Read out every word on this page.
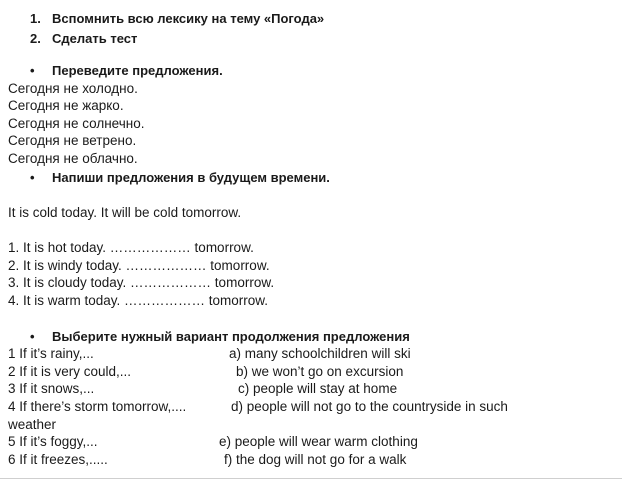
1. Вспомнить всю лексику на тему «Погода»
2. Сделать тест
• Переведите предложения.
Сегодня не холодно.
Сегодня не жарко.
Сегодня не солнечно.
Сегодня не ветрено.
Сегодня не облачно.
• Напиши предложения в будущем времени.
It is cold today. It will be cold tomorrow.
1. It is hot today. ……………… tomorrow.
2. It is windy today. ……………… tomorrow.
3. It is cloudy today. ……………… tomorrow.
4. It is warm today. ……………… tomorrow.
• Выберите нужный вариант продолжения предложения
1 If it’s rainy,...
2 If it is very could,...
3 If it snows,...
4 If there’s storm tomorrow,....
weather
5 If it’s foggy,...
6 If it freezes,.....
a) many schoolchildren will ski
b) we won’t go on excursion
c) people will stay at home
d) people will not go to the countryside in such
e) people will wear warm clothing
f) the dog will not go for a walk
